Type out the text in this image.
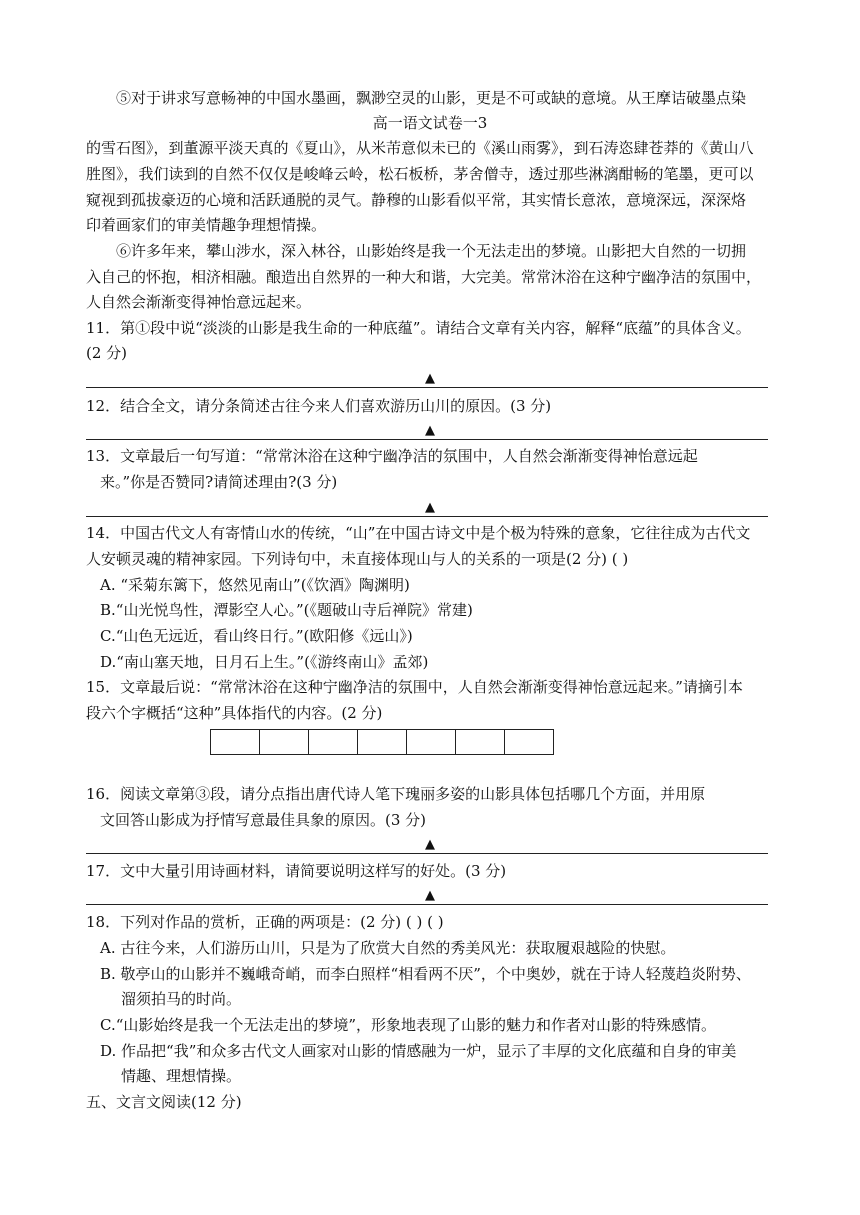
⑤对于讲求写意畅神的中国水墨画，飘渺空灵的山影，更是不可或缺的意境。从王摩诘破墨点染
高一语文试卷一3
的雪石图》，到董源平淡天真的《夏山》，从米芾意似未已的《溪山雨雾》，到石涛恣肆苍莽的《黄山八
胜图》，我们读到的自然不仅仅是峻峰云岭，松石板桥，茅舍僧寺，透过那些淋漓酣畅的笔墨，更可以
窥视到孤拔豪迈的心境和活跃通脱的灵气。静穆的山影看似平常，其实情长意浓，意境深远，深深烙
印着画家们的审美情趣争理想情操。
⑥许多年来，攀山涉水，深入林谷，山影始终是我一个无法走出的梦境。山影把大自然的一切拥
入自己的怀抱，相济相融。酿造出自然界的一种大和谐，大完美。常常沐浴在这种宁幽净洁的氛围中，
人自然会渐渐变得神怡意远起来。
11．第①段中说“淡淡的山影是我生命的一种底蕴”。请结合文章有关内容，解释“底蕴”的具体含义。
(2 分)
▲
12．结合全文，请分条简述古往今来人们喜欢游历山川的原因。(3 分)
▲
13．文章最后一句写道：“常常沐浴在这种宁幽净洁的氛围中，人自然会渐渐变得神怡意远起
来。”你是否赞同?请简述理由?(3 分)
▲
14．中国古代文人有寄情山水的传统，“山”在中国古诗文中是个极为特殊的意象，它往往成为古代文
人安顿灵魂的精神家园。下列诗句中，未直接体现山与人的关系的一项是(2 分) ( )
A. “采菊东篱下，悠然见南山”(《饮酒》陶渊明)
B.“山光悦鸟性，潭影空人心。”(《题破山寺后禅院》常建)
C.“山色无远近，看山终日行。”(欧阳修《远山》)
D.“南山塞天地，日月石上生。”(《游终南山》孟郊)
15．文章最后说：“常常沐浴在这种宁幽净洁的氛围中，人自然会渐渐变得神怡意远起来。”请摘引本
段六个字概括“这种”具体指代的内容。(2 分)
16．阅读文章第③段，请分点指出唐代诗人笔下瑰丽多姿的山影具体包括哪几个方面，并用原
文回答山影成为抒情写意最佳具象的原因。(3 分)
▲
17．文中大量引用诗画材料，请简要说明这样写的好处。(3 分)
▲
18．下列对作品的赏析，正确的两项是：(2 分) ( ) ( )
A. 古往今来，人们游历山川，只是为了欣赏大自然的秀美风光：获取履艰越险的快慰。
B. 敬亭山的山影并不巍峨奇峭，而李白照样“相看两不厌”，个中奥妙，就在于诗人轻蔑趋炎附势、
溜须拍马的时尚。
C.“山影始终是我一个无法走出的梦境”，形象地表现了山影的魅力和作者对山影的特殊感情。
D. 作品把“我”和众多古代文人画家对山影的情感融为一炉，显示了丰厚的文化底蕴和自身的审美
情趣、理想情操。
五、文言文阅读(12 分)
